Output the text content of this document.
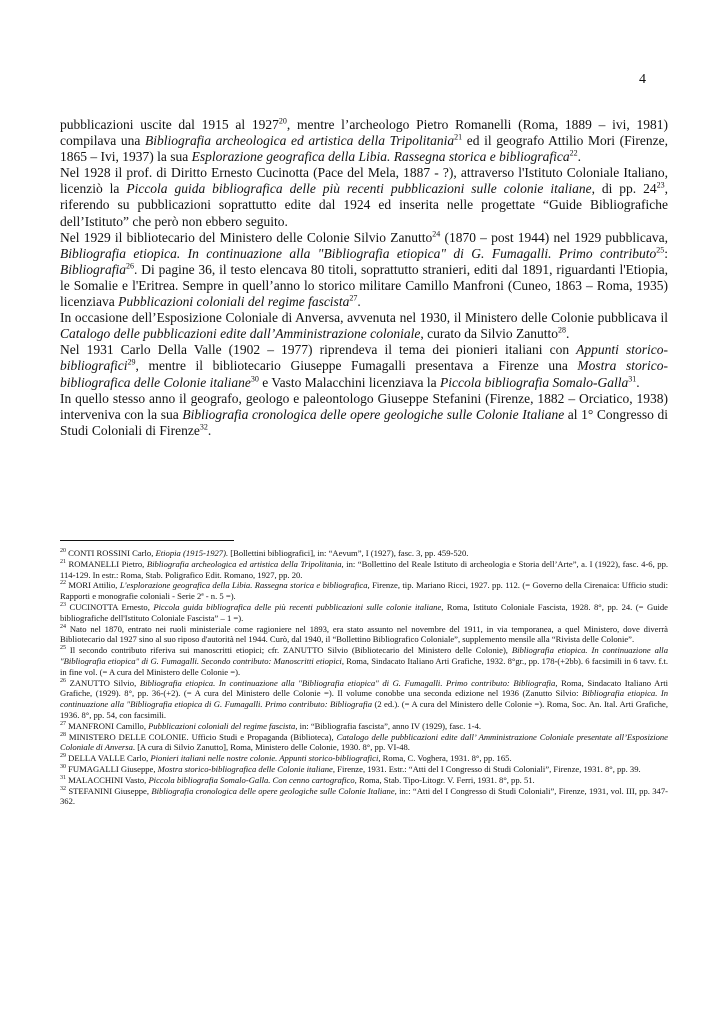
4

pubblicazioni uscite dal 1915 al 1927$^{20}$, mentre l’archeologo Pietro Romanelli (Roma, 1889 – ivi, 1981) compilava una Bibliografia archeologica ed artistica della Tripolitania$^{21}$ ed il geografo Attilio Mori (Firenze, 1865 – Ivi, 1937) la sua Esplorazione geografica della Libia. Rassegna storica e bibliografica$^{22}$.

Nel 1928 il prof. di Diritto Ernesto Cucinotta (Pace del Mela, 1887 - ?), attraverso l'Istituto Coloniale Italiano, licenziò la Piccola guida bibliografica delle più recenti pubblicazioni sulle colonie italiane, di pp. $24^{23}$, riferendo su pubblicazioni soprattutto edite dal 1924 ed inserita nelle progettate “Guide Bibliografiche dell’Istituto” che però non ebbero seguito.

Nel 1929 il bibliotecario del Ministero delle Colonie Silvio Zanutto$^{24}$ (1870 – post 1944) nel 1929 pubblicava, Bibliografia etiopica. In continuazione alla "Bibliografia etiopica" di G. Fumagalli. Primo contributo$^{25}$: Bibliografia$^{26}$. Di pagine 36, il testo elencava 80 titoli, soprattutto stranieri, editi dal 1891, riguardanti l'Etiopia, le Somalie e l'Eritrea. Sempre in quell’anno lo storico militare Camillo Manfroni (Cuneo, 1863 – Roma, 1935) licenziava Pubblicazioni coloniali del regime fascista$^{27}$.

In occasione dell’Esposizione Coloniale di Anversa, avvenuta nel 1930, il Ministero delle Colonie pubblicava il Catalogo delle pubblicazioni edite dall’Amministrazione coloniale, curato da Silvio Zanutto$^{28}$.

Nel 1931 Carlo Della Valle (1902 – 1977) riprendeva il tema dei pionieri italiani con Appunti storico-bibliografici$^{29}$, mentre il bibliotecario Giuseppe Fumagalli presentava a Firenze una Mostra storico-bibliografica delle Colonie italiane$^{30}$ e Vasto Malacchini licenziava la Piccola bibliografia Somalo-Galla$^{31}$.

In quello stesso anno il geografo, geologo e paleontologo Giuseppe Stefanini (Firenze, 1882 – Orciatico, 1938) interveniva con la sua Bibliografia cronologica delle opere geologiche sulle Colonie Italiane al 1° Congresso di Studi Coloniali di Firenze$^{32}$.

$^{20}$ CONTI ROSSINI Carlo, Etiopia (1915-1927). [Bollettini bibliografici], in: “Aevum”, I (1927), fasc. 3, pp. 459-520.

$^{21}$ ROMANELLI Pietro, Bibliografia archeologica ed artistica della Tripolitania, in: “Bollettino del Reale Istituto di archeologia e Storia dell’Arte”, a. I (1922), fasc. 4-6, pp. 114-129. In estr.: Roma, Stab. Poligrafico Edit. Romano, 1927, pp. 20.

$^{22}$ MORI Attilio, L'esplorazione geografica della Libia. Rassegna storica e bibliografica, Firenze, tip. Mariano Ricci, 1927. pp. 112. (= Governo della Cirenaica: Ufficio studi: Rapporti e monografie coloniali - Serie 2ª - n. 5 =).

$^{23}$ CUCINOTTA Ernesto, Piccola guida bibliografica delle più recenti pubblicazioni sulle colonie italiane, Roma, Istituto Coloniale Fascista, 1928. 8°, pp. 24. (= Guide bibliografiche dell'Istituto Coloniale Fascista” – 1 =).

$^{24}$ Nato nel 1870, entrato nei ruoli ministeriale come ragioniere nel 1893, era stato assunto nel novembre del 1911, in via temporanea, a quel Ministero, dove diverrà Bibliotecario dal 1927 sino al suo riposo d'autorità nel 1944. Curò, dal 1940, il “Bollettino Bibliografico Coloniale”, supplemento mensile alla “Rivista delle Colonie”.

$^{25}$ Il secondo contributo riferiva sui manoscritti etiopici; cfr. ZANUTTO Silvio (Bibliotecario del Ministero delle Colonie), Bibliografia etiopica. In continuazione alla "Bibliografia etiopica" di G. Fumagalli. Secondo contributo: Manoscritti etiopici, Roma, Sindacato Italiano Arti Grafiche, 1932. 8°gr., pp. 178-(+2bb). 6 facsimili in 6 tavv. f.t. in fine vol. (= A cura del Ministero delle Colonie =).

$^{26}$ ZANUTTO Silvio, Bibliografia etiopica. In continuazione alla "Bibliografia etiopica" di G. Fumagalli. Primo contributo: Bibliografia, Roma, Sindacato Italiano Arti Grafiche, (1929). 8°, pp. 36-(+2). (= A cura del Ministero delle Colonie =). Il volume conobbe una seconda edizione nel 1936 (Zanutto Silvio: Bibliografia etiopica. In continuazione alla "Bibliografia etiopica di G. Fumagalli. Primo contributo: Bibliografia (2 ed.). (= A cura del Ministero delle Colonie =). Roma, Soc. An. Ital. Arti Grafiche, 1936. 8°, pp. 54, con facsimili.

$^{27}$ MANFRONI Camillo, Pubblicazioni coloniali del regime fascista, in: “Bibliografia fascista”, anno IV (1929), fasc. 1-4.

$^{28}$ MINISTERO DELLE COLONIE. Ufficio Studi e Propaganda (Biblioteca), Catalogo delle pubblicazioni edite dall’ Amministrazione Coloniale presentate all’Esposizione Coloniale di Anversa. [A cura di Silvio Zanutto], Roma, Ministero delle Colonie, 1930. 8°, pp. VI-48.

$^{29}$ DELLA VALLE Carlo, Pionieri italiani nelle nostre colonie. Appunti storico-bibliografici, Roma, C. Voghera, 1931. 8°, pp. 165.

$^{30}$ FUMAGALLI Giuseppe, Mostra storico-bibliografica delle Colonie italiane, Firenze, 1931. Estr.: “Atti del I Congresso di Studi Coloniali”, Firenze, 1931. 8°, pp. 39.

$^{31}$ MALACCHINI Vasto, Piccola bibliografia Somalo-Galla. Con cenno cartografico, Roma, Stab. Tipo-Litogr. V. Ferri, 1931. 8°, pp. 51.

$^{32}$ STEFANINI Giuseppe, Bibliografia cronologica delle opere geologiche sulle Colonie Italiane, in:: “Atti del I Congresso di Studi Coloniali”, Firenze, 1931, vol. III, pp. 347-362.
